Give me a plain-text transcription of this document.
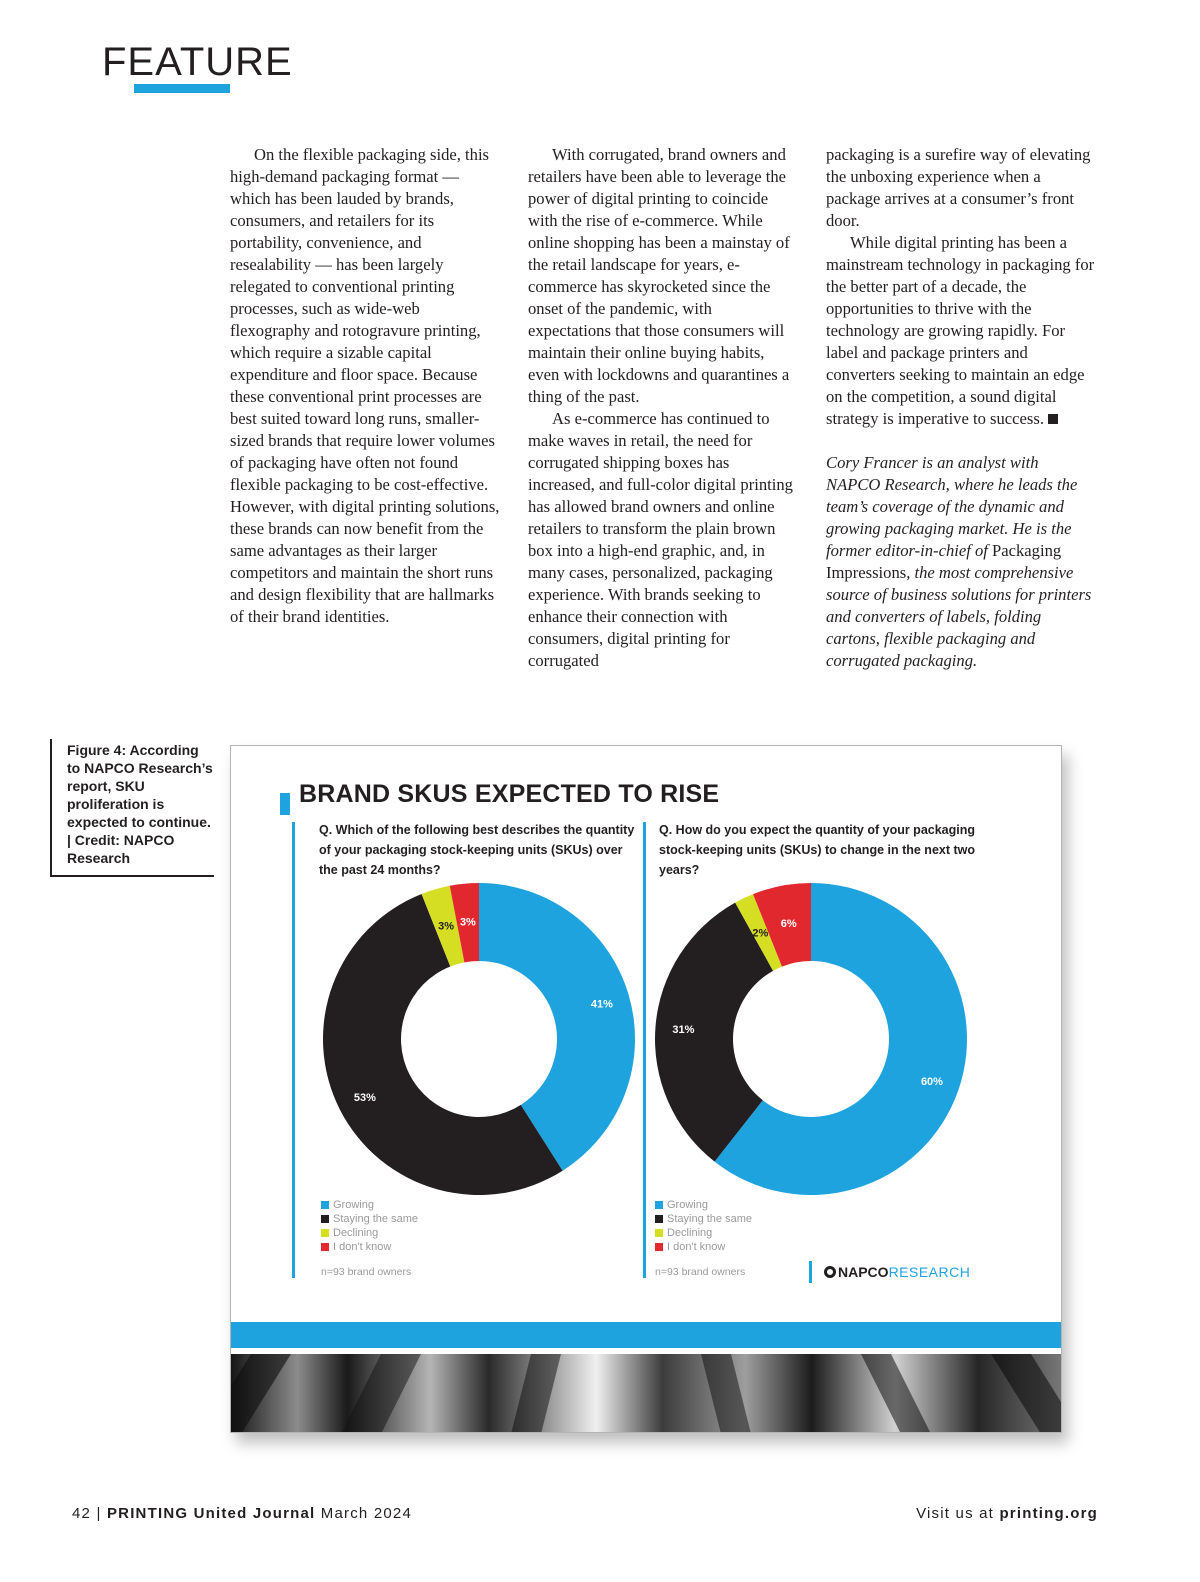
FEATURE

On the flexible packaging side, this high-demand packaging format — which has been lauded by brands, consumers, and retailers for its portability, convenience, and resealability — has been largely relegated to conventional printing processes, such as wide-web flexography and rotogravure printing, which require a sizable capital expenditure and floor space. Because these conventional print processes are best suited toward long runs, smaller-sized brands that require lower volumes of packaging have often not found flexible packaging to be cost-effective. However, with digital printing solutions, these brands can now benefit from the same advantages as their larger competitors and maintain the short runs and design flexibility that are hallmarks of their brand identities.

With corrugated, brand owners and retailers have been able to leverage the power of digital printing to coincide with the rise of e-commerce. While online shopping has been a mainstay of the retail landscape for years, e-commerce has skyrocketed since the onset of the pandemic, with expectations that those consumers will maintain their online buying habits, even with lockdowns and quarantines a thing of the past.

As e-commerce has continued to make waves in retail, the need for corrugated shipping boxes has increased, and full-color digital printing has allowed brand owners and online retailers to transform the plain brown box into a high-end graphic, and, in many cases, personalized, packaging experience. With brands seeking to enhance their connection with consumers, digital printing for corrugated

packaging is a surefire way of elevating the unboxing experience when a package arrives at a consumer’s front door.

While digital printing has been a mainstream technology in packaging for the better part of a decade, the opportunities to thrive with the technology are growing rapidly. For label and package printers and converters seeking to maintain an edge on the competition, a sound digital strategy is imperative to success.

Cory Francer is an analyst with NAPCO Research, where he leads the team’s coverage of the dynamic and growing packaging market. He is the former editor-in-chief of Packaging Impressions, the most comprehensive source of business solutions for printers and converters of labels, folding cartons, flexible packaging and corrugated packaging.

Figure 4: According to NAPCO Research’s report, SKU proliferation is expected to continue. | Credit: NAPCO Research
BRAND SKUS EXPECTED TO RISE
Q. Which of the following best describes the quantity of your packaging stock-keeping units (SKUs) over the past 24 months?
Q. How do you expect the quantity of your packaging stock-keeping units (SKUs) to change in the next two years?
41%
53%
3% 3%
60%
31%
2%
6%
Growing
Staying the same
Declining
I don't know
Growing
Staying the same
Declining
I don't know
n=93 brand owners	n=93 brand owners	NAPCO RESEARCH
42 | PRINTING United Journal March 2024	Visit us at printing.org
